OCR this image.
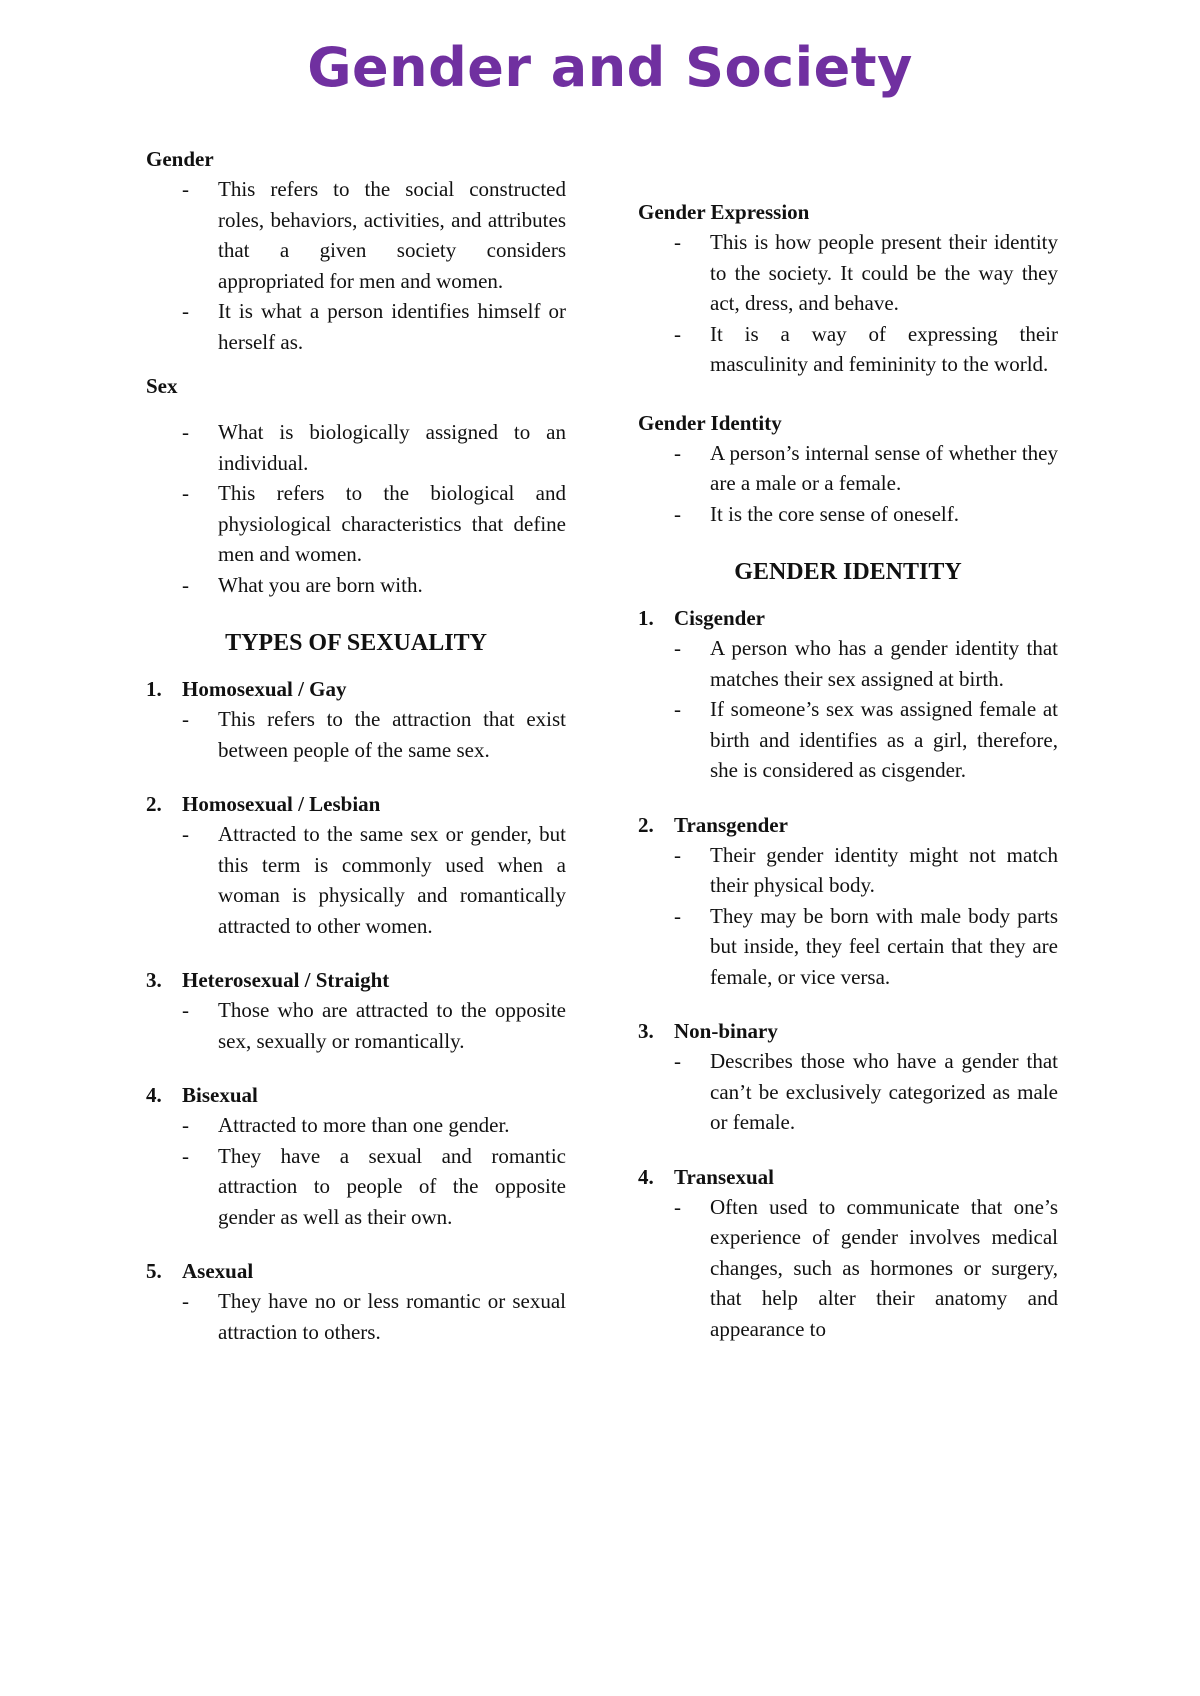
Gender and Society
Gender
- This refers to the social constructed roles, behaviors, activities, and attributes that a given society considers appropriated for men and women.
- It is what a person identifies himself or herself as.
Sex
- What is biologically assigned to an individual.
- This refers to the biological and physiological characteristics that define men and women.
- What you are born with.
TYPES OF SEXUALITY
1. Homosexual / Gay
- This refers to the attraction that exist between people of the same sex.
2. Homosexual / Lesbian
- Attracted to the same sex or gender, but this term is commonly used when a woman is physically and romantically attracted to other women.
3. Heterosexual / Straight
- Those who are attracted to the opposite sex, sexually or romantically.
4. Bisexual
- Attracted to more than one gender.
- They have a sexual and romantic attraction to people of the opposite gender as well as their own.
5. Asexual
- They have no or less romantic or sexual attraction to others.
Gender Expression
- This is how people present their identity to the society. It could be the way they act, dress, and behave.
- It is a way of expressing their masculinity and femininity to the world.
Gender Identity
- A person’s internal sense of whether they are a male or a female.
- It is the core sense of oneself.
GENDER IDENTITY
1. Cisgender
- A person who has a gender identity that matches their sex assigned at birth.
- If someone’s sex was assigned female at birth and identifies as a girl, therefore, she is considered as cisgender.
2. Transgender
- Their gender identity might not match their physical body.
- They may be born with male body parts but inside, they feel certain that they are female, or vice versa.
3. Non-binary
- Describes those who have a gender that can’t be exclusively categorized as male or female.
4. Transexual
- Often used to communicate that one’s experience of gender involves medical changes, such as hormones or surgery, that help alter their anatomy and appearance to
